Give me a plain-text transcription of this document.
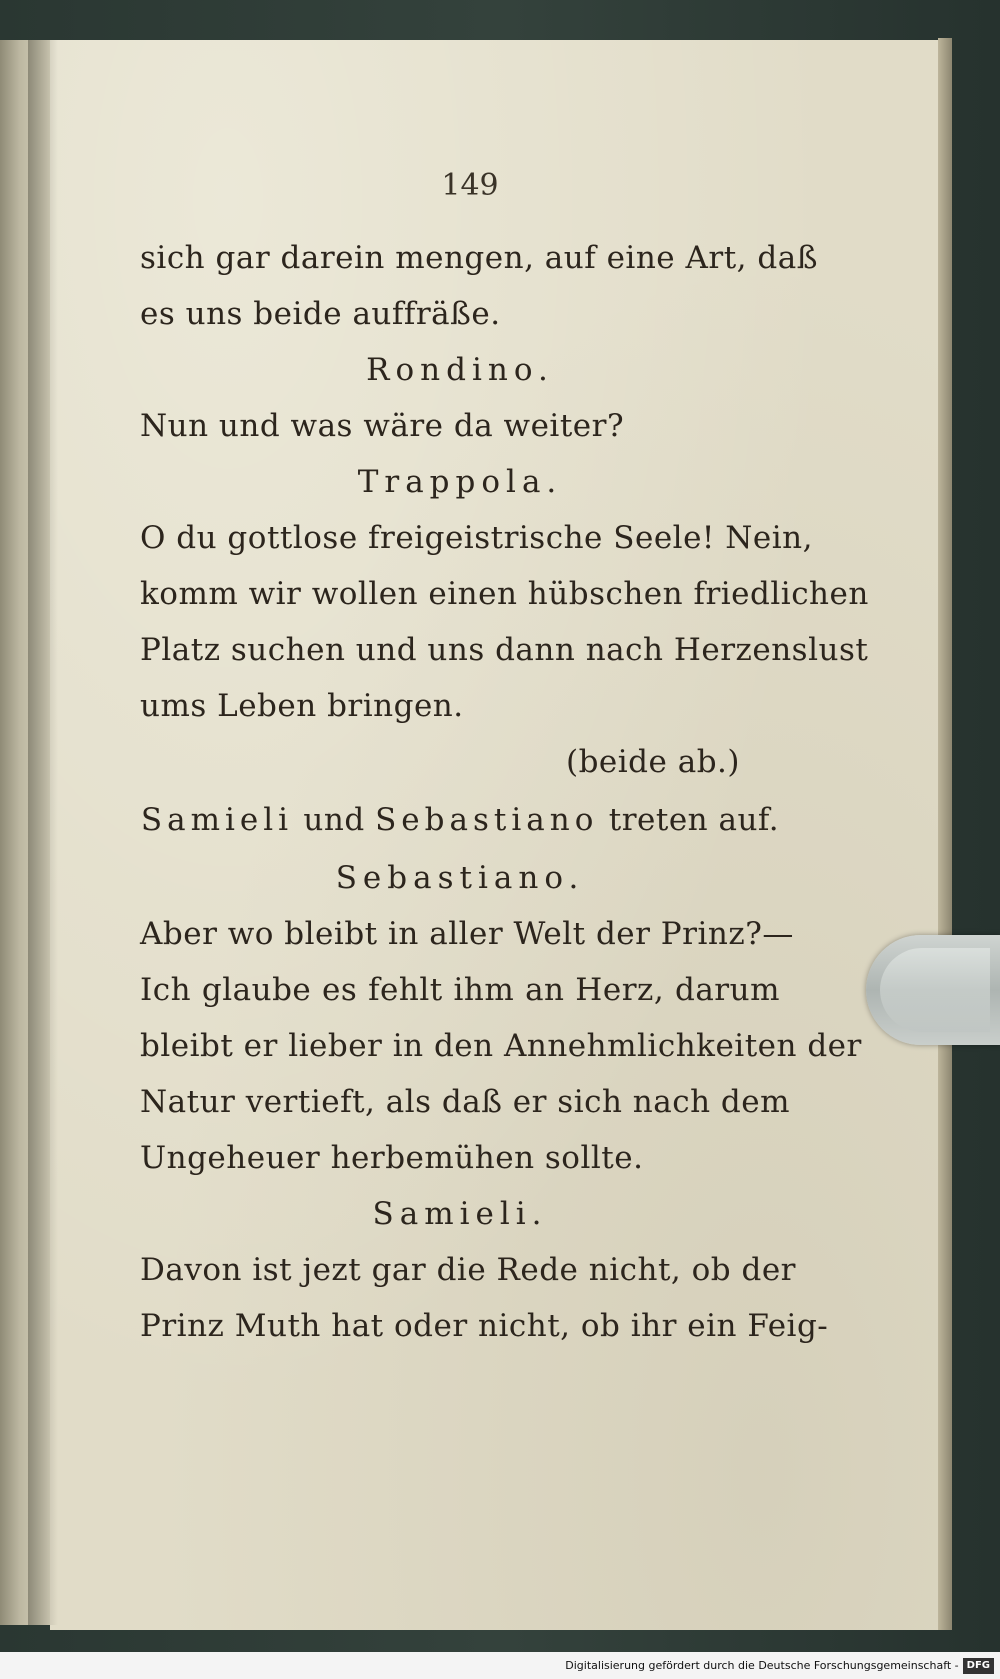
149
sich gar darein mengen, auf eine Art, daß
es uns beide auffräße.
Rondino.
Nun und was wäre da weiter?
Trappola.
O du gottlose freigeistrische Seele! Nein,
komm wir wollen einen hübschen friedlichen
Platz suchen und uns dann nach Herzenslust
ums Leben bringen.
(beide ab.)
Samieli und Sebastiano treten auf.
Sebastiano.
Aber wo bleibt in aller Welt der Prinz?—
Ich glaube es fehlt ihm an Herz, darum
bleibt er lieber in den Annehmlichkeiten der
Natur vertieft, als daß er sich nach dem
Ungeheuer herbemühen sollte.
Samieli.
Davon ist jezt gar die Rede nicht, ob der
Prinz Muth hat oder nicht, ob ihr ein Feig-
Digitalisierung gefördert durch die Deutsche Forschungsgemeinschaft - DFG
